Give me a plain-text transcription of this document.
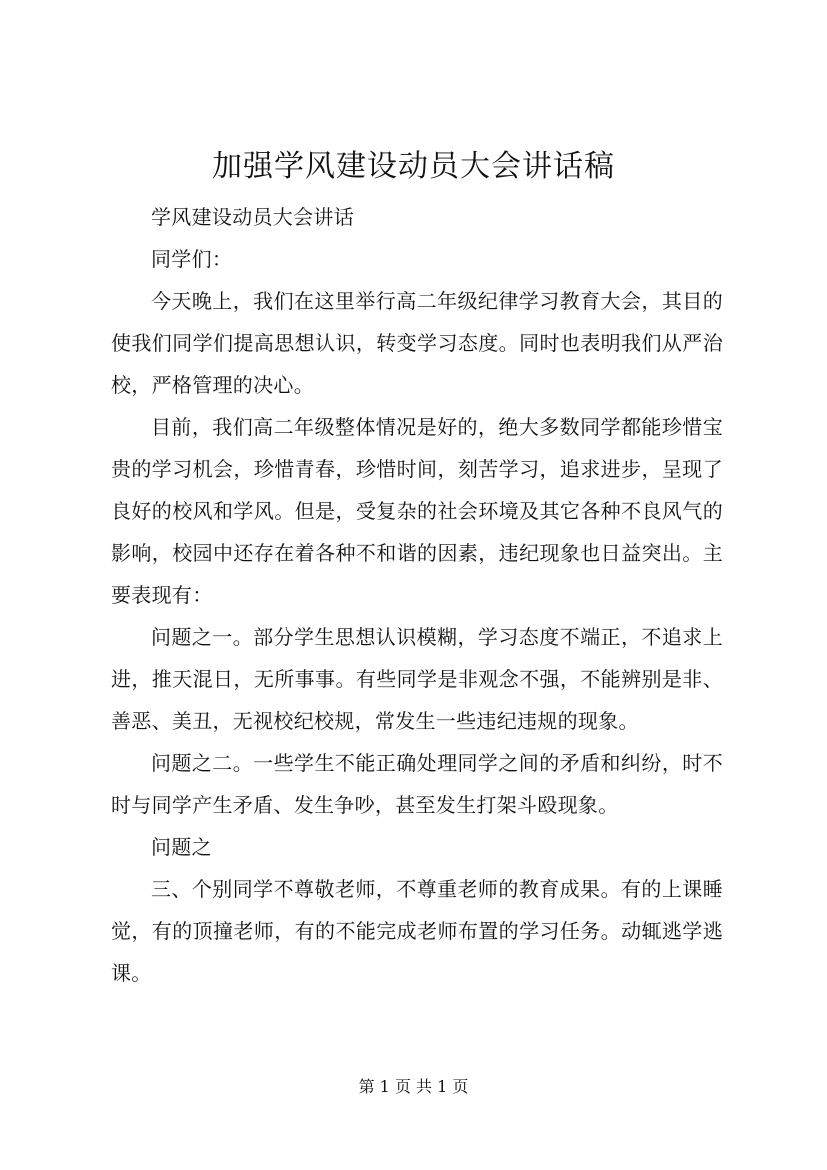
加强学风建设动员大会讲话稿

学风建设动员大会讲话

同学们：

今天晚上，我们在这里举行高二年级纪律学习教育大会，其目的使我们同学们提高思想认识，转变学习态度。同时也表明我们从严治校，严格管理的决心。

目前，我们高二年级整体情况是好的，绝大多数同学都能珍惜宝贵的学习机会，珍惜青春，珍惜时间，刻苦学习，追求进步，呈现了良好的校风和学风。但是，受复杂的社会环境及其它各种不良风气的影响，校园中还存在着各种不和谐的因素，违纪现象也日益突出。主要表现有：

问题之一。部分学生思想认识模糊，学习态度不端正，不追求上进，推天混日，无所事事。有些同学是非观念不强，不能辨别是非、善恶、美丑，无视校纪校规，常发生一些违纪违规的现象。

问题之二。一些学生不能正确处理同学之间的矛盾和纠纷，时不时与同学产生矛盾、发生争吵，甚至发生打架斗殴现象。

问题之

三、个别同学不尊敬老师，不尊重老师的教育成果。有的上课睡觉，有的顶撞老师，有的不能完成老师布置的学习任务。动辄逃学逃课。

第 1 页 共 1 页
